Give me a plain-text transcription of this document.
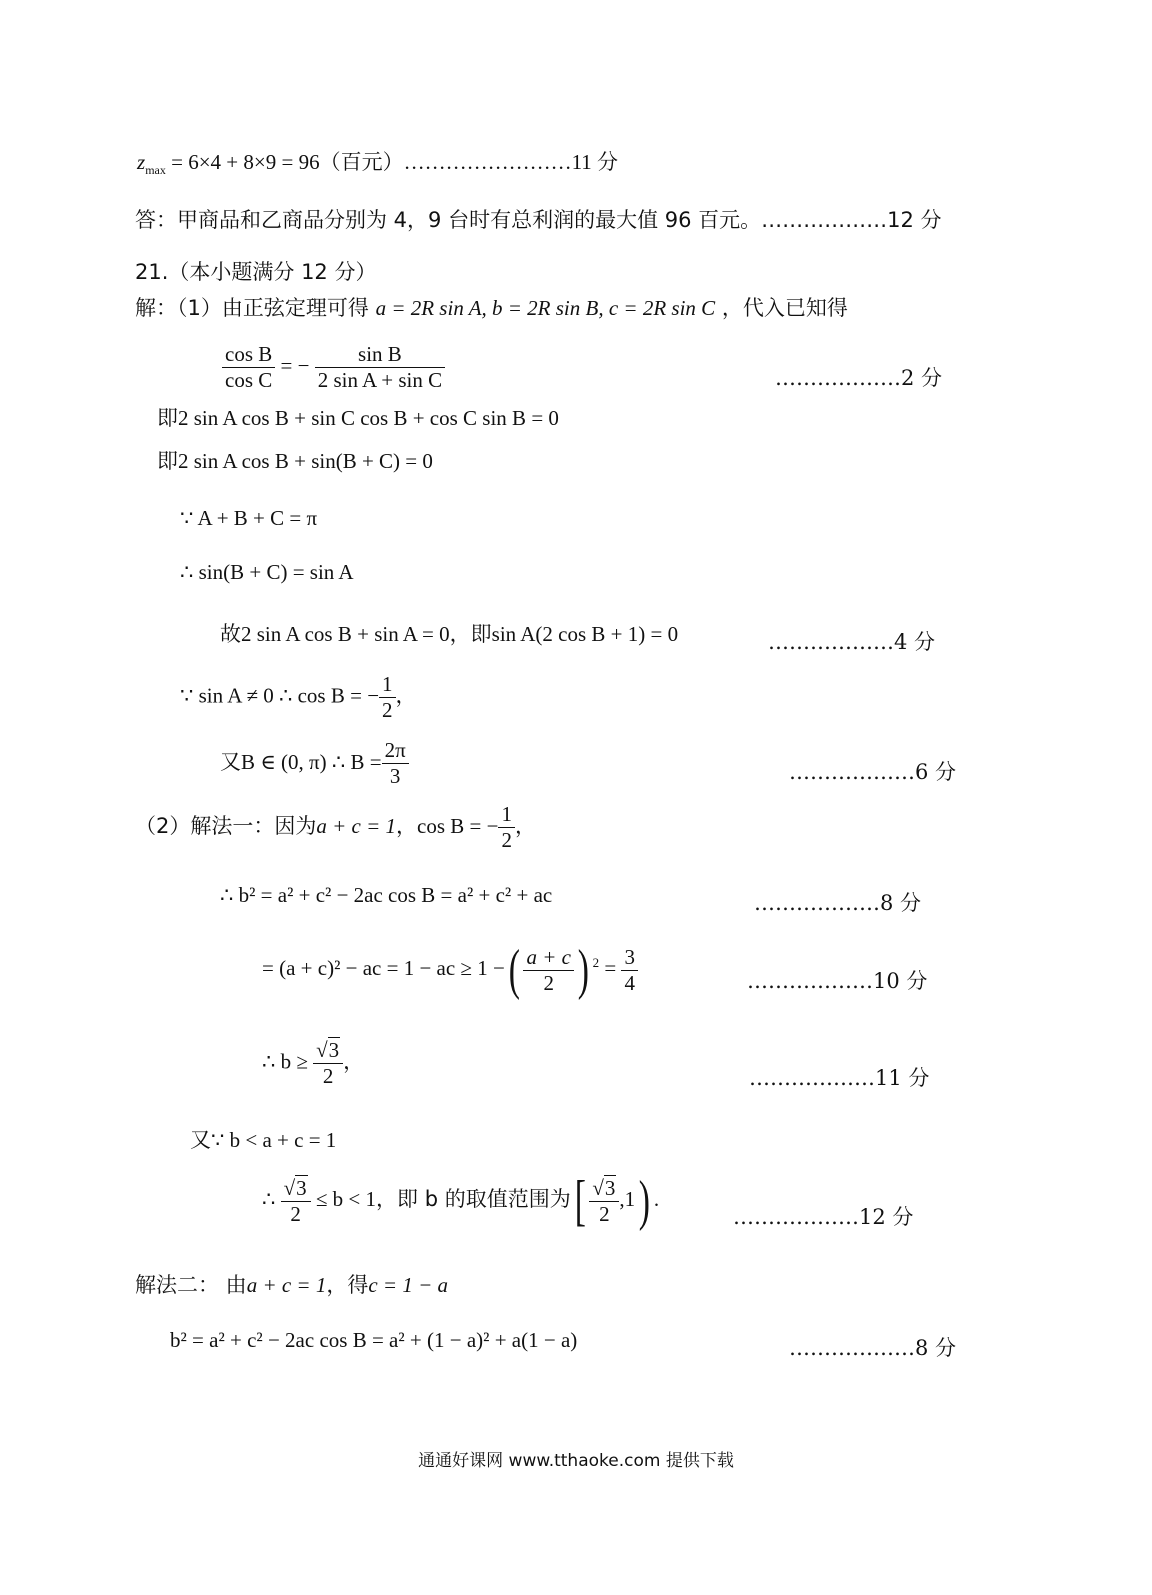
$z_{max} = 6\times 4 + 8\times 9 = 96$（百元）……………………11 分
答：甲商品和乙商品分别为 4，9 台时有总利润的最大值 96 百元。………………12 分
21.（本小题满分 12 分）
解：（1）由正弦定理可得 a = 2R sin A, b = 2R sin B, c = 2R sin C ，代入已知得
$\frac{\text{cos B}}{\text{cos C}}$ = − $\frac{\text{sin B}}{\text{2 sin A + sin C}}$	………………2 分
即2 sin A cos B + sin C cos B + cos C sin B = 0
即2 sin A cos B + sin(B + C) = 0
∵ A + B + C = π
∴ sin(B + C) = sin A
故2 sin A cos B + sin A = 0，即sin A(2 cos B + 1) = 0	………………4 分
∵ sin A ≠ 0 ∴ cos B = − $\frac{1}{2}$ ，
又B ∈ (0, π) ∴ $B = \frac{2\pi}{3}$	………………6 分
（2）解法一：因为a + c = 1，cos B = − $\frac{1}{2}$ ，
∴ b² = a² + c² − 2ac cos B = a² + c² + ac	………………8 分
= (a + c)² − ac = 1 − ac ≥ 1 −( $\frac{a + c}{2}$ ) $^2 = \frac{3}{4}$	………………10 分
∴ $b \ge \frac{√3}{2}$ ，
………………11 分
又∵ b < a + c = 1
∴ $\frac{√3}{2} \le b < 1$，即 b 的取值范围为[ $\frac{√3}{2} ,1$) .
………………12 分
解法二： 由a + c = 1，得c = 1 − a
b² = a² + c² − 2ac cos B = a² + (1 − a)² + a(1 − a)	………………8 分
通通好课网 www.tthaoke.com 提供下载
